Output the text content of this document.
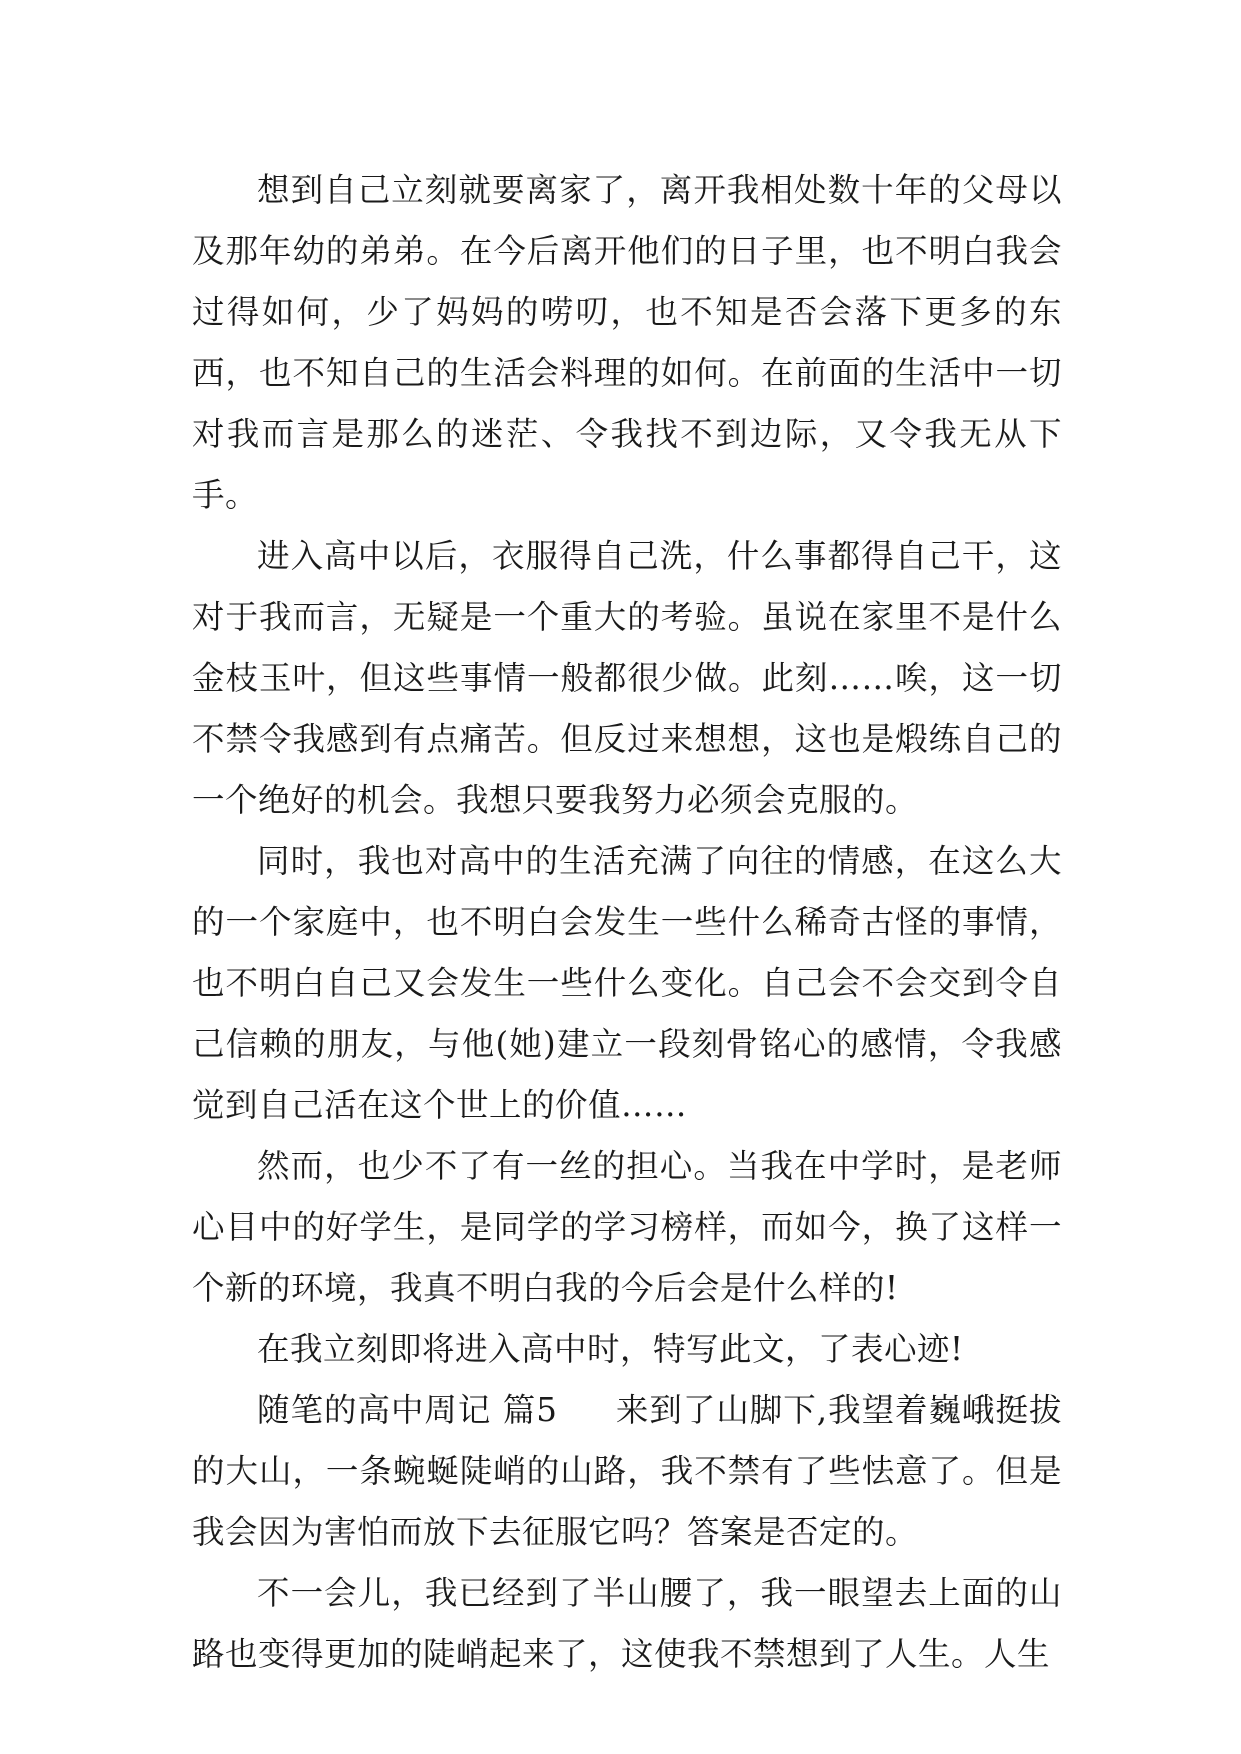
想到自己立刻就要离家了，离开我相处数十年的父母以及那年幼的弟弟。在今后离开他们的日子里，也不明白我会过得如何，少了妈妈的唠叨，也不知是否会落下更多的东西，也不知自己的生活会料理的如何。在前面的生活中一切对我而言是那么的迷茫、令我找不到边际，又令我无从下手。

进入高中以后，衣服得自己洗，什么事都得自己干，这对于我而言，无疑是一个重大的考验。虽说在家里不是什么金枝玉叶，但这些事情一般都很少做。此刻……唉，这一切不禁令我感到有点痛苦。但反过来想想，这也是煅练自己的一个绝好的机会。我想只要我努力必须会克服的。

同时，我也对高中的生活充满了向往的情感，在这么大的一个家庭中，也不明白会发生一些什么稀奇古怪的事情，也不明白自己又会发生一些什么变化。自己会不会交到令自己信赖的朋友，与他(她)建立一段刻骨铭心的感情，令我感觉到自己活在这个世上的价值……

然而，也少不了有一丝的担心。当我在中学时，是老师心目中的好学生，是同学的学习榜样，而如今，换了这样一个新的环境，我真不明白我的今后会是什么样的!

在我立刻即将进入高中时，特写此文，了表心迹!

随笔的高中周记 篇5 来到了山脚下,我望着巍峨挺拔的大山，一条蜿蜒陡峭的山路，我不禁有了些怯意了。但是我会因为害怕而放下去征服它吗？答案是否定的。

不一会儿，我已经到了半山腰了，我一眼望去上面的山路也变得更加的陡峭起来了，这使我不禁想到了人生。人生
